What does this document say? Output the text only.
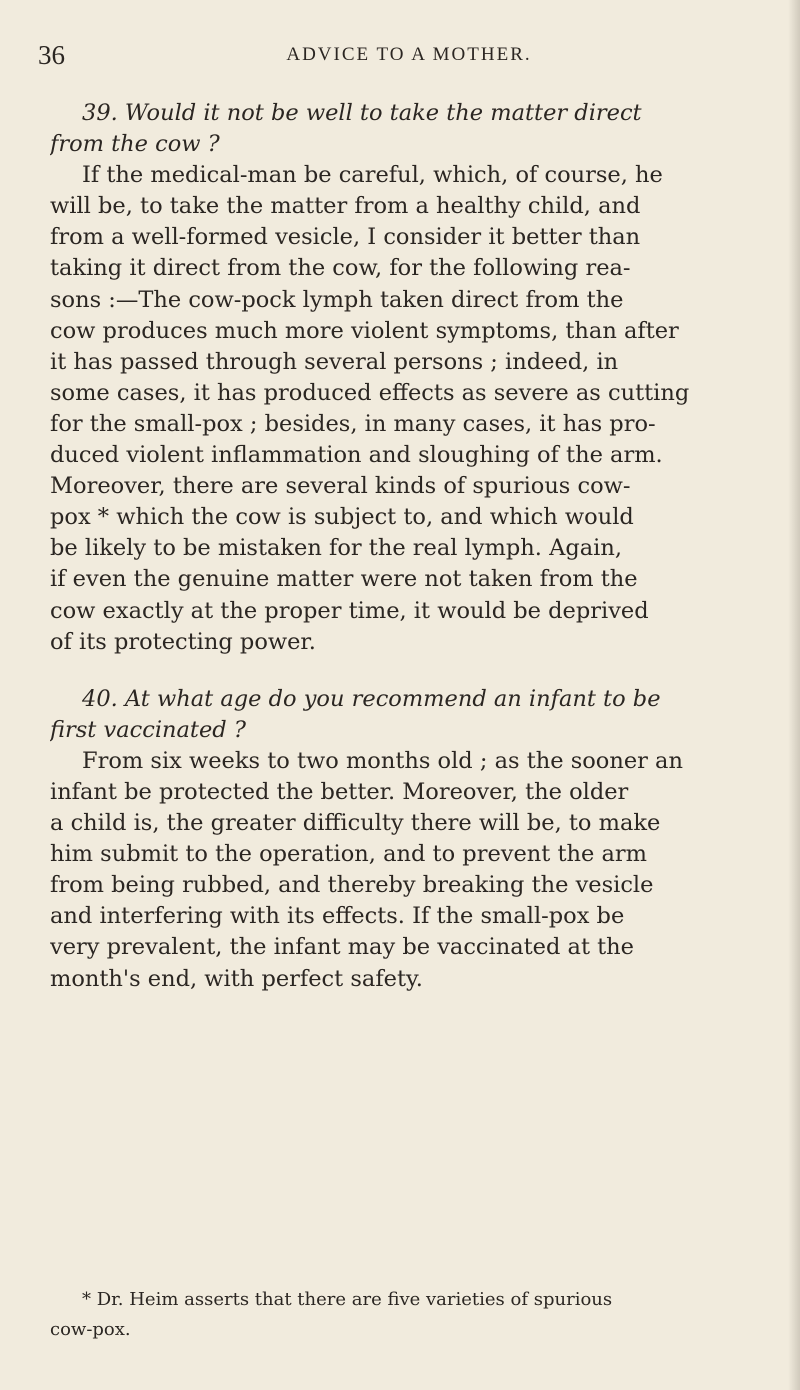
36	ADVICE TO A MOTHER.
39. Would it not be well to take the matter direct
from the cow ?
If the medical-man be careful, which, of course, he
will be, to take the matter from a healthy child, and
from a well-formed vesicle, I consider it better than
taking it direct from the cow, for the following rea-
sons :—The cow-pock lymph taken direct from the
cow produces much more violent symptoms, than after
it has passed through several persons ; indeed, in
some cases, it has produced effects as severe as cutting
for the small-pox ; besides, in many cases, it has pro-
duced violent inflammation and sloughing of the arm.
Moreover, there are several kinds of spurious cow-
pox * which the cow is subject to, and which would
be likely to be mistaken for the real lymph. Again,
if even the genuine matter were not taken from the
cow exactly at the proper time, it would be deprived
of its protecting power.
40. At what age do you recommend an infant to be
first vaccinated ?
From six weeks to two months old ; as the sooner an
infant be protected the better. Moreover, the older
a child is, the greater difficulty there will be, to make
him submit to the operation, and to prevent the arm
from being rubbed, and thereby breaking the vesicle
and interfering with its effects. If the small-pox be
very prevalent, the infant may be vaccinated at the
month's end, with perfect safety.
* Dr. Heim asserts that there are five varieties of spurious
cow-pox.
